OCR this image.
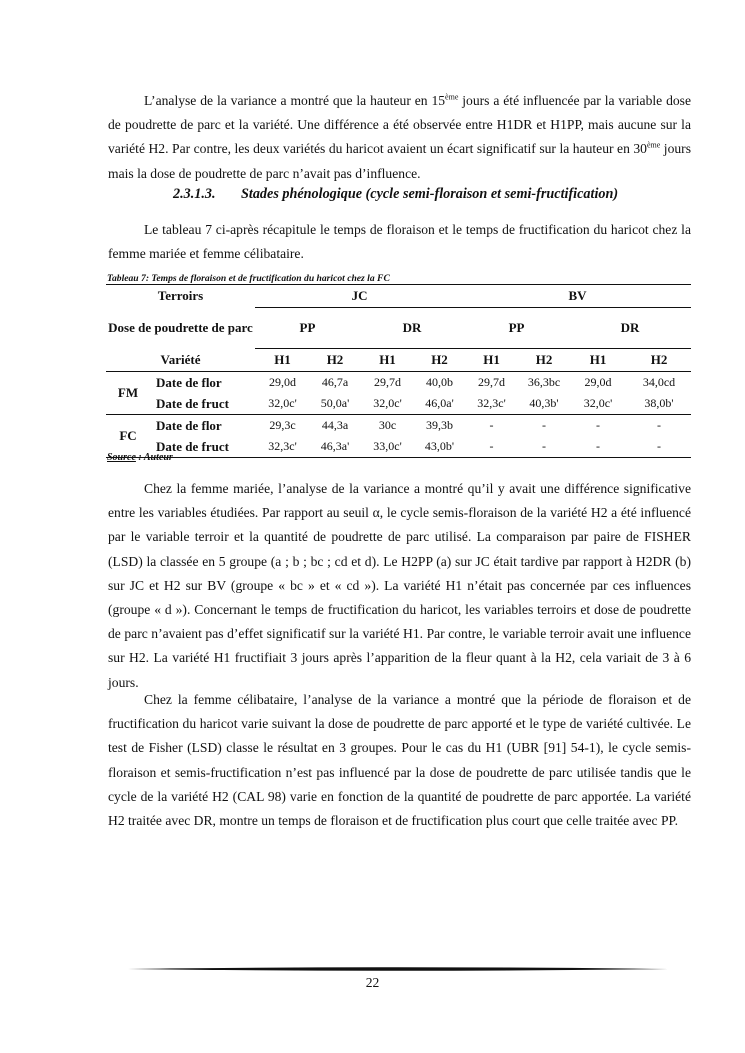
L’analyse de la variance a montré que la hauteur en 15ème jours a été influencée par la variable dose de poudrette de parc et la variété. Une différence a été observée entre H1DR et H1PP, mais aucune sur la variété H2. Par contre, les deux variétés du haricot avaient un écart significatif sur la hauteur en 30ème jours mais la dose de poudrette de parc n’avait pas d’influence.

2.3.1.3. Stades phénologique (cycle semi-floraison et semi-fructification)

Le tableau 7 ci-après récapitule le temps de floraison et le temps de fructification du haricot chez la femme mariée et femme célibataire.

Tableau 7: Temps de floraison et de fructification du haricot chez la FC

Terroirs		JC				BV			
Dose de poudrette de parc		PP		DR		PP		DR	
Variété		H1	H2	H1	H2	H1	H2	H1	H2
FM	Date de flor	29,0d	46,7a	29,7d	40,0b	29,7d	36,3bc	29,0d	34,0cd
	Date de fruct	32,0c'	50,0a'	32,0c'	46,0a'	32,3c'	40,3b'	32,0c'	38,0b'
FC	Date de flor	29,3c	44,3a	30c	39,3b	-	-	-	-
	Date de fruct	32,3c'	46,3a'	33,0c'	43,0b'	-	-	-	-

Source : Auteur

Chez la femme mariée, l’analyse de la variance a montré qu’il y avait une différence significative entre les variables étudiées. Par rapport au seuil α, le cycle semis-floraison de la variété H2 a été influencé par le variable terroir et la quantité de poudrette de parc utilisé. La comparaison par paire de FISHER (LSD) la classée en 5 groupe (a ; b ; bc ; cd et d). Le H2PP (a) sur JC était tardive par rapport à H2DR (b) sur JC et H2 sur BV (groupe « bc » et « cd »). La variété H1 n’était pas concernée par ces influences (groupe « d »). Concernant le temps de fructification du haricot, les variables terroirs et dose de poudrette de parc n’avaient pas d’effet significatif sur la variété H1. Par contre, le variable terroir avait une influence sur H2. La variété H1 fructifiait 3 jours après l’apparition de la fleur quant à la H2, cela variait de 3 à 6 jours.

Chez la femme célibataire, l’analyse de la variance a montré que la période de floraison et de fructification du haricot varie suivant la dose de poudrette de parc apporté et le type de variété cultivée. Le test de Fisher (LSD) classe le résultat en 3 groupes. Pour le cas du H1 (UBR [91] 54-1), le cycle semis-floraison et semis-fructification n’est pas influencé par la dose de poudrette de parc utilisée tandis que le cycle de la variété H2 (CAL 98) varie en fonction de la quantité de poudrette de parc apportée. La variété H2 traitée avec DR, montre un temps de floraison et de fructification plus court que celle traitée avec PP.

22
